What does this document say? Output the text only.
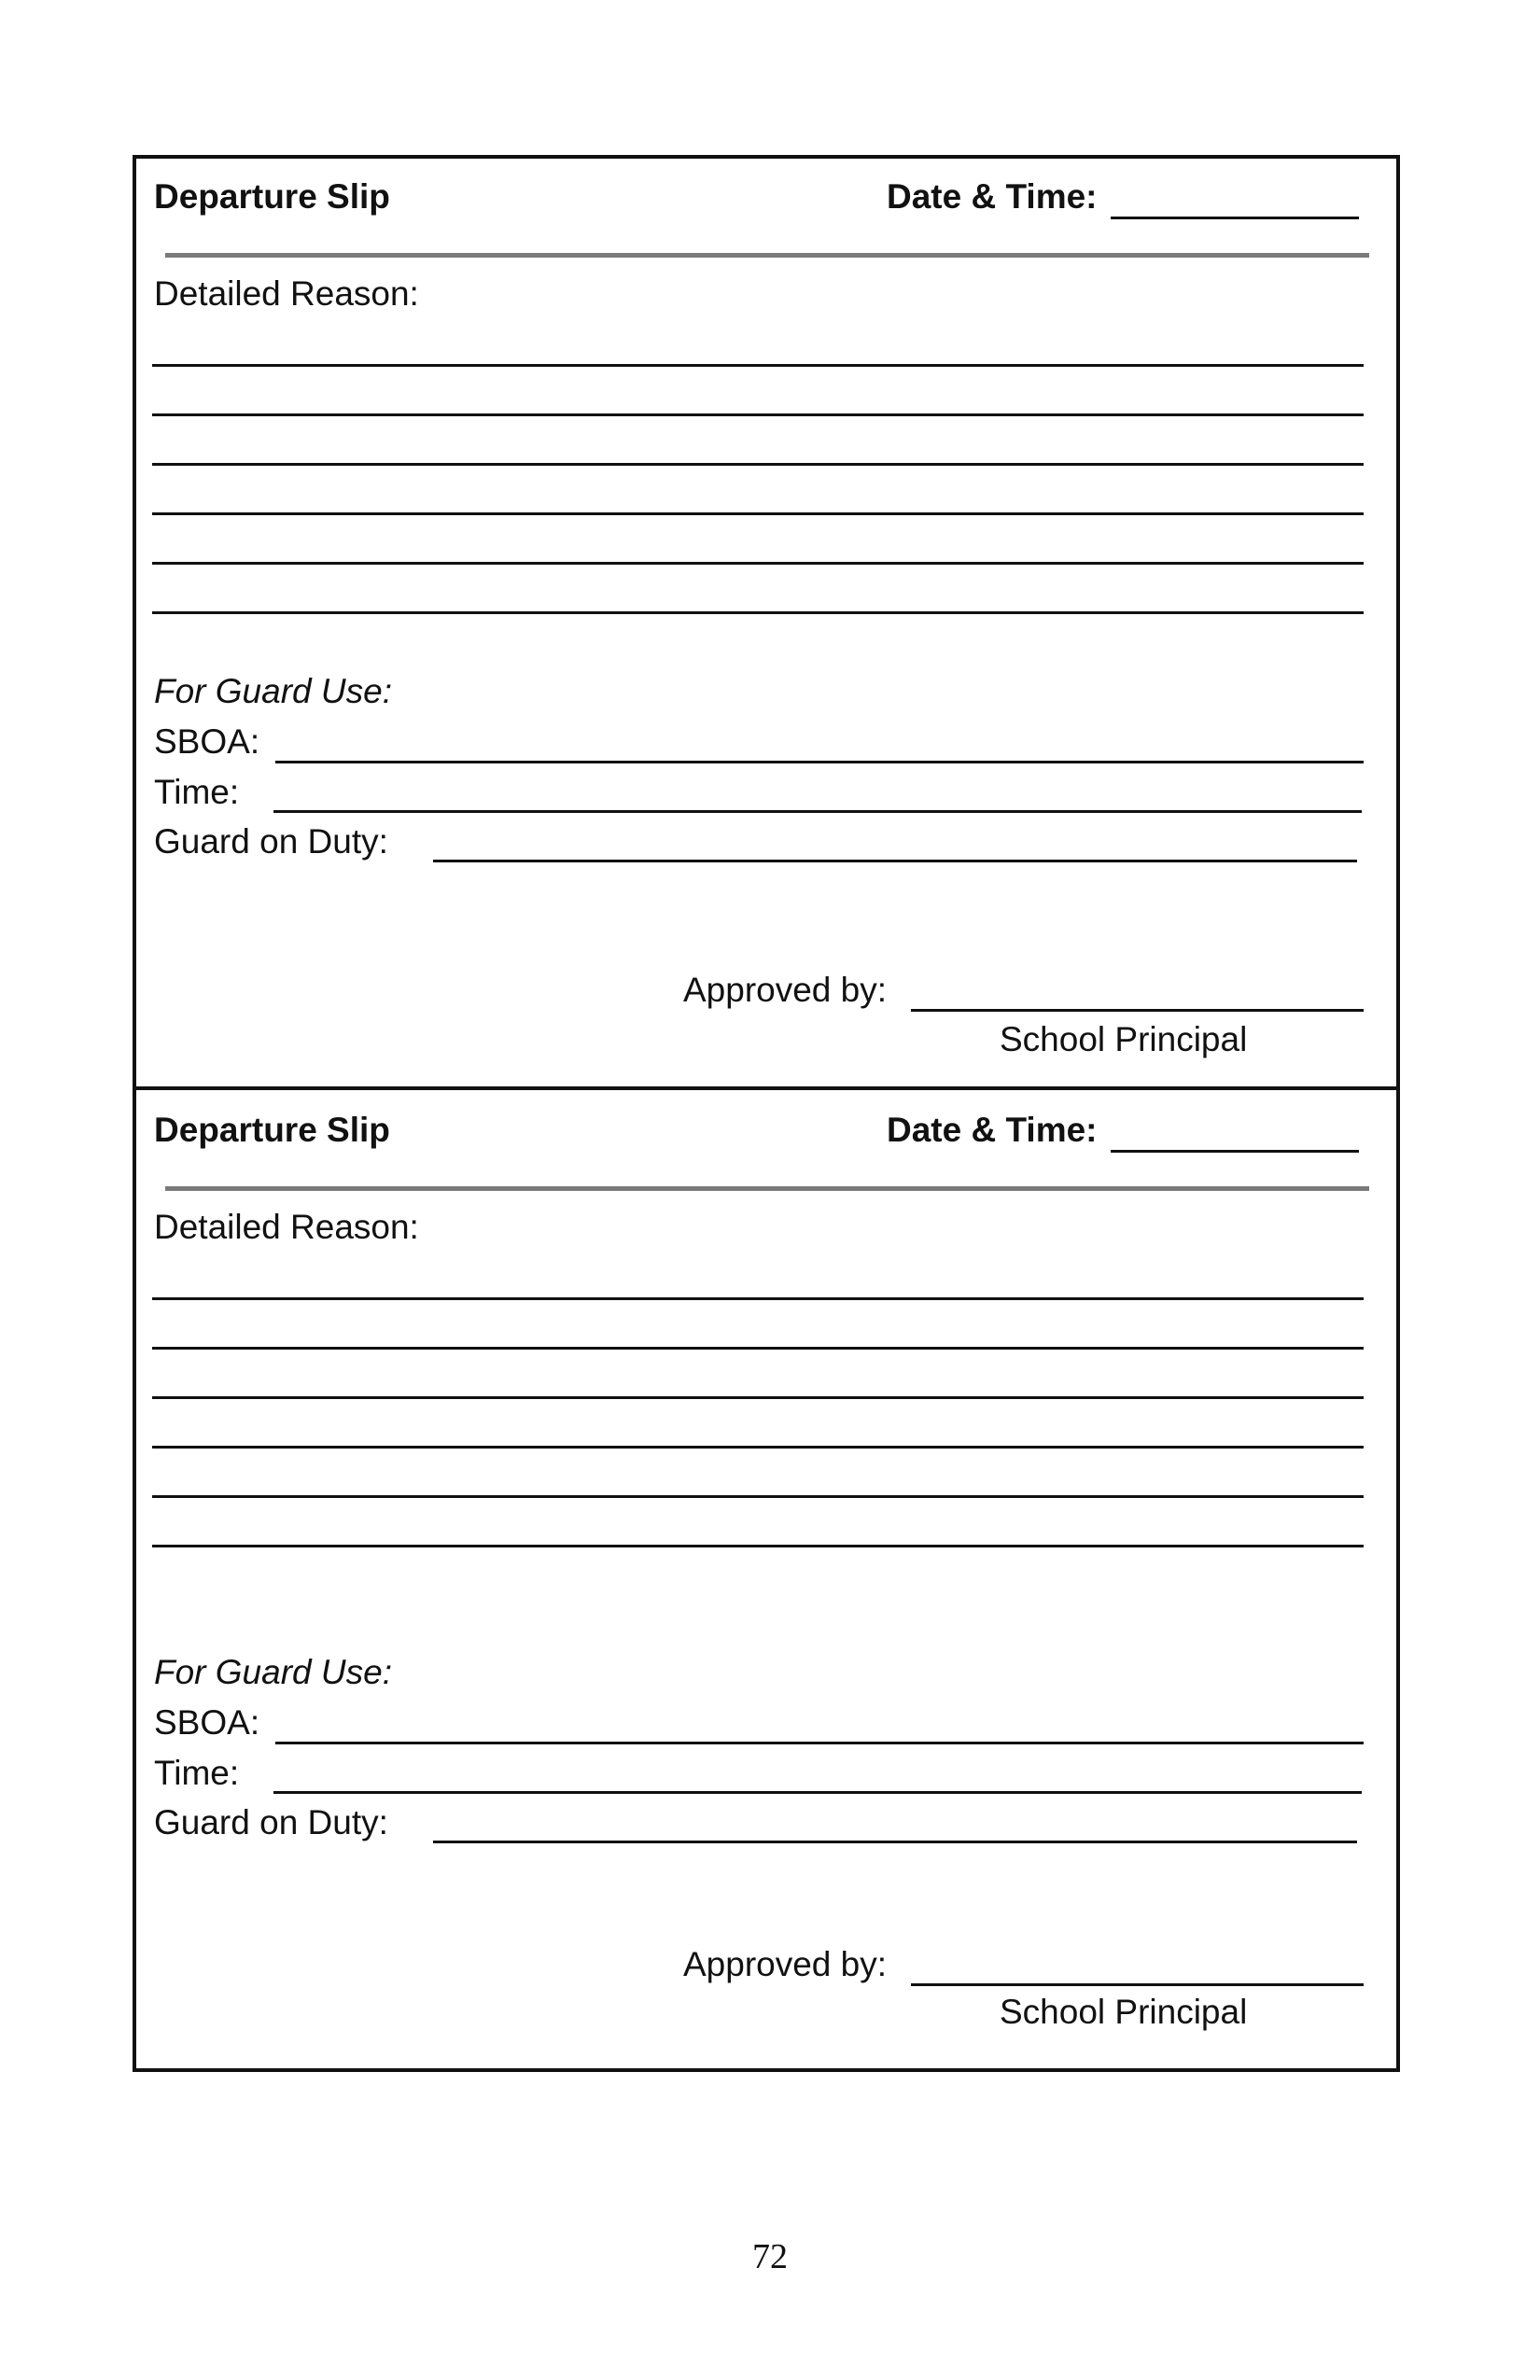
Departure Slip	Date & Time:
Detailed Reason:
For Guard Use:
SBOA:
Time:
Guard on Duty:
Approved by:
School Principal
Departure Slip	Date & Time:
Detailed Reason:
For Guard Use:
SBOA:
Time:
Guard on Duty:
Approved by:
School Principal
72
